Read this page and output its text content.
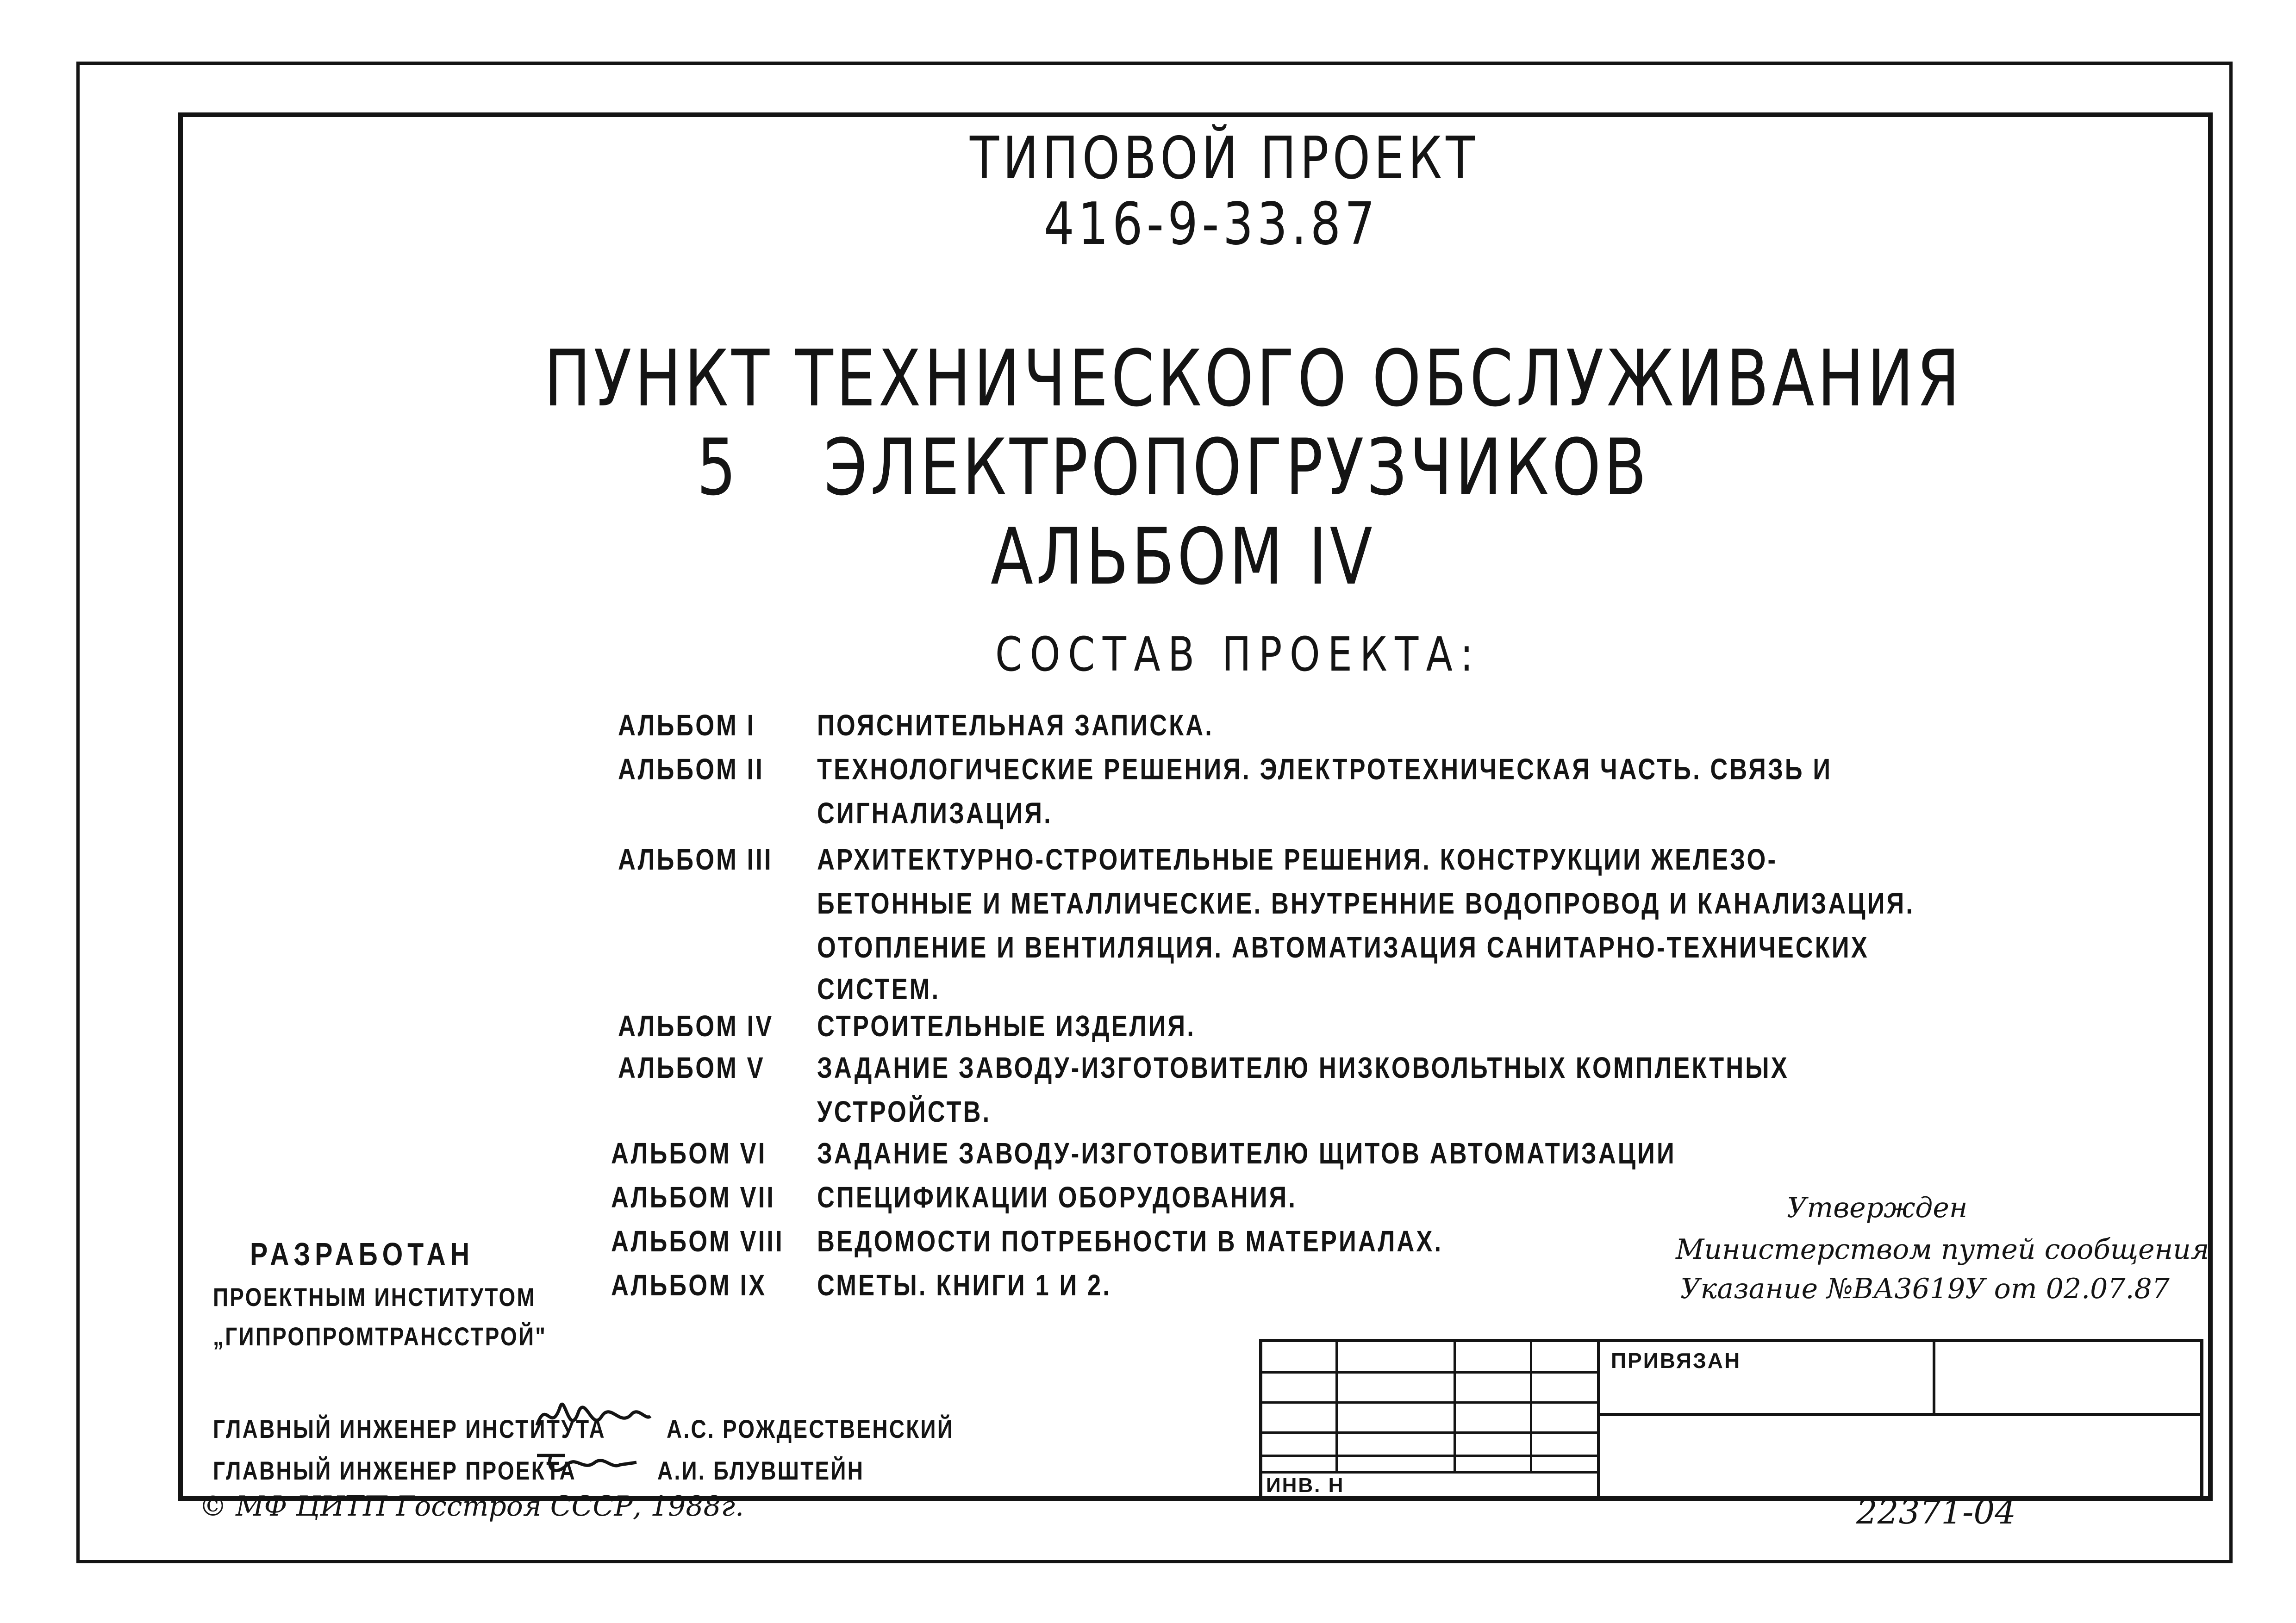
ТИПОВОЙ ПРОЕКТ
416-9-33.87
ПУНКТ ТЕХНИЧЕСКОГО ОБСЛУЖИВАНИЯ
5 ЭЛЕКТРОПОГРУЗЧИКОВ
АЛЬБОМ IV
СОСТАВ ПРОЕКТА:
АЛЬБОМ I ПОЯСНИТЕЛЬНАЯ ЗАПИСКА.
АЛЬБОМ II ТЕХНОЛОГИЧЕСКИЕ РЕШЕНИЯ. ЭЛЕКТРОТЕХНИЧЕСКАЯ ЧАСТЬ. СВЯЗЬ И
СИГНАЛИЗАЦИЯ.
АЛЬБОМ III АРХИТЕКТУРНО-СТРОИТЕЛЬНЫЕ РЕШЕНИЯ. КОНСТРУКЦИИ ЖЕЛЕЗО-
БЕТОННЫЕ И МЕТАЛЛИЧЕСКИЕ. ВНУТРЕННИЕ ВОДОПРОВОД И КАНАЛИЗАЦИЯ.
ОТОПЛЕНИЕ И ВЕНТИЛЯЦИЯ. АВТОМАТИЗАЦИЯ САНИТАРНО-ТЕХНИЧЕСКИХ
СИСТЕМ.
АЛЬБОМ IV СТРОИТЕЛЬНЫЕ ИЗДЕЛИЯ.
АЛЬБОМ V ЗАДАНИЕ ЗАВОДУ-ИЗГОТОВИТЕЛЮ НИЗКОВОЛЬТНЫХ КОМПЛЕКТНЫХ
УСТРОЙСТВ.
АЛЬБОМ VI ЗАДАНИЕ ЗАВОДУ-ИЗГОТОВИТЕЛЮ ЩИТОВ АВТОМАТИЗАЦИИ
АЛЬБОМ VII СПЕЦИФИКАЦИИ ОБОРУДОВАНИЯ.
АЛЬБОМ VIII ВЕДОМОСТИ ПОТРЕБНОСТИ В МАТЕРИАЛАХ.
АЛЬБОМ IX СМЕТЫ. КНИГИ 1 И 2.
РАЗРАБОТАН
ПРОЕКТНЫМ ИНСТИТУТОМ
„ГИПРОПРОМТРАНССТРОЙ"
Утвержден
Министерством путей сообщения
Указание №ВА3619У от 02.07.87
ГЛАВНЫЙ ИНЖЕНЕР ИНСТИТУТА А.С. РОЖДЕСТВЕНСКИЙ
ГЛАВНЫЙ ИНЖЕНЕР ПРОЕКТА	А.И. БЛУВШТЕЙН
© МФ ЦИТП Госстроя СССР, 1988г.
ПРИВЯЗАН
ИНВ. Н
22371-04
